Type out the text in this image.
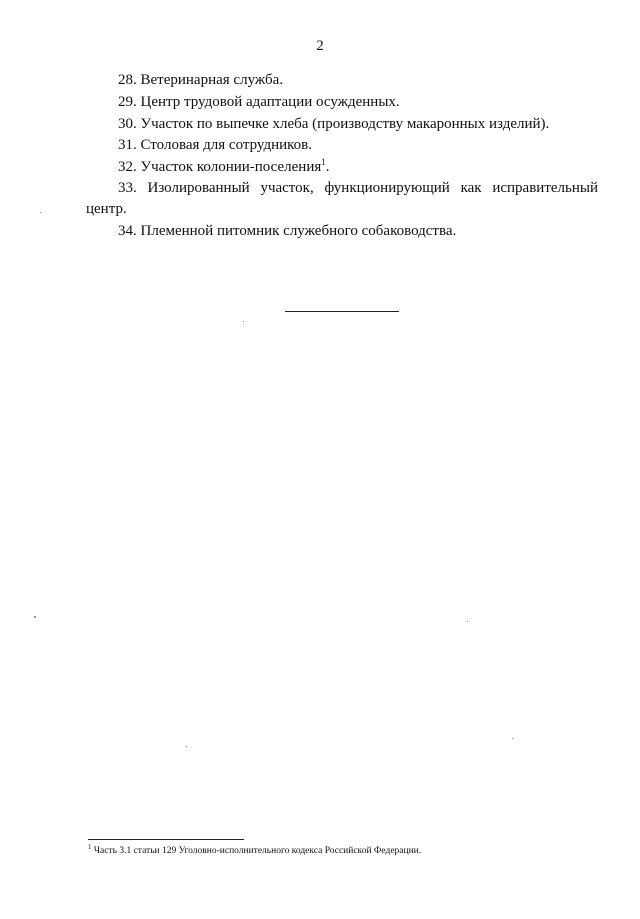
2
28. Ветеринарная служба.
29. Центр трудовой адаптации осужденных.
30. Участок по выпечке хлеба (производству макаронных изделий).
31. Столовая для сотрудников.
32. Участок колонии-поселения$^1$.
33. Изолированный участок, функционирующий как исправительный центр.
34. Племенной питомник служебного собаководства.
$^1$ Часть 3.1 статьи 129 Уголовно-исполнительного кодекса Российской Федерации.
